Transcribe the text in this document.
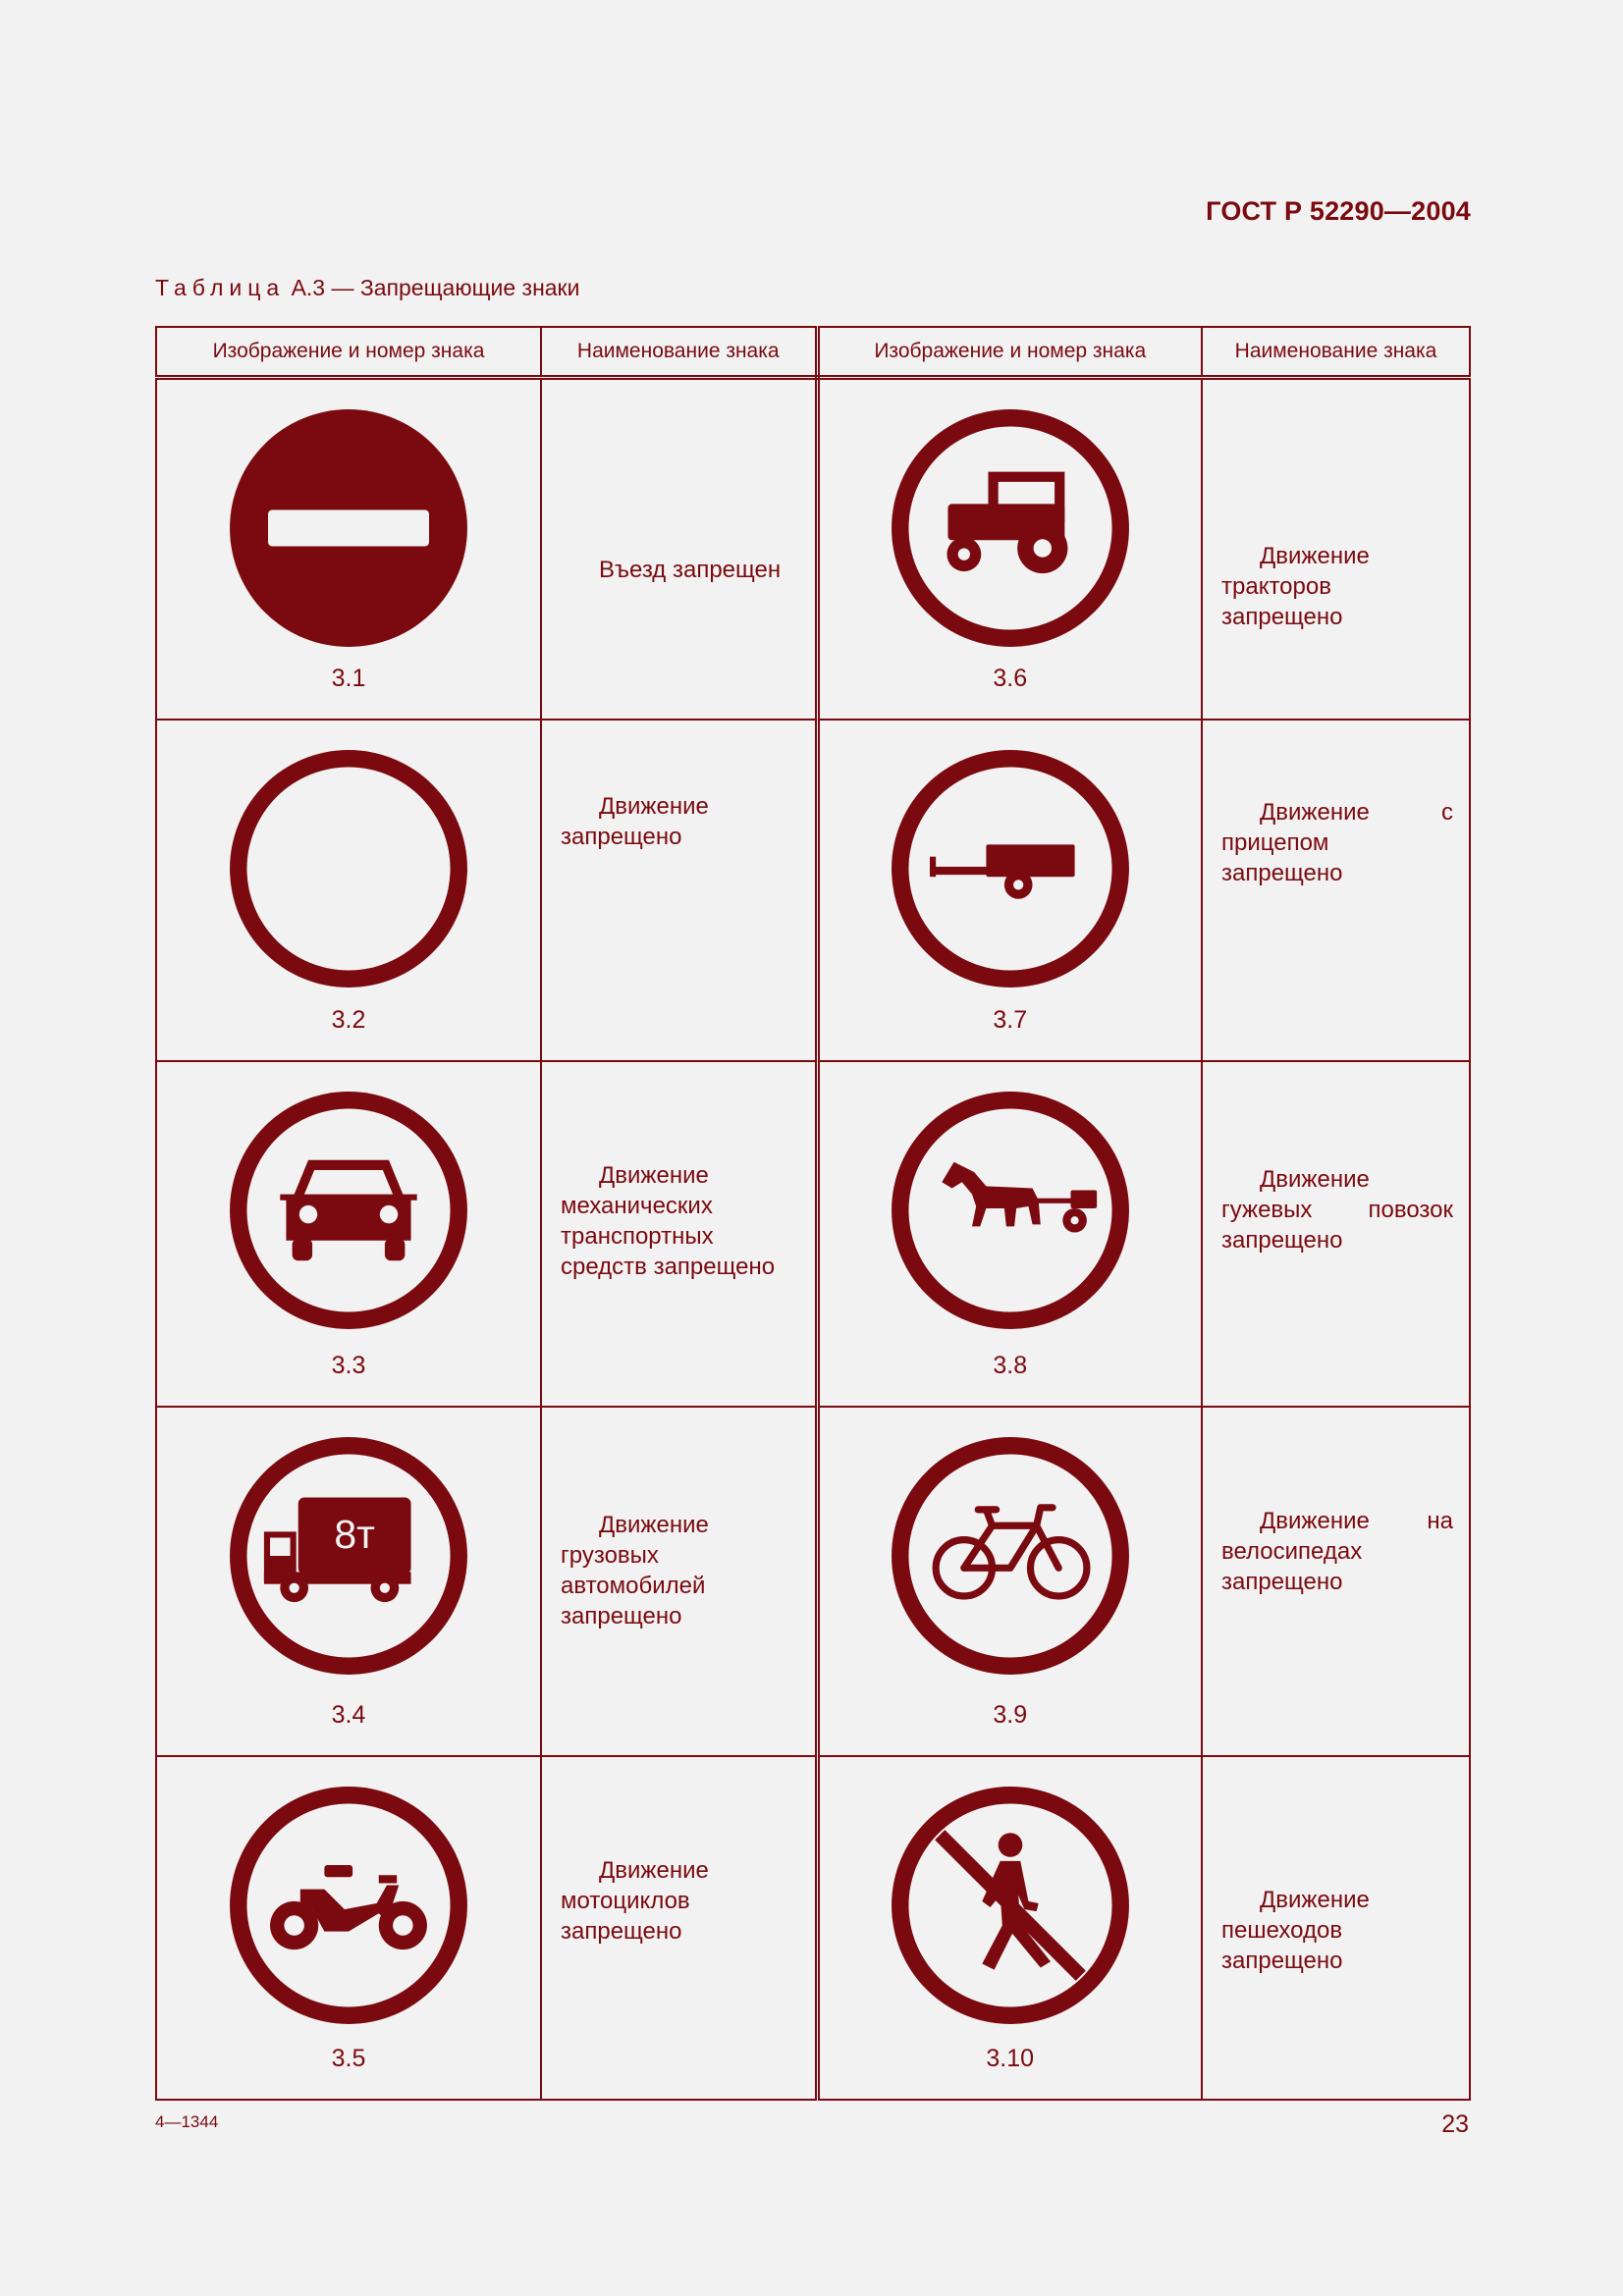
ГОСТ Р 52290—2004
Таблица А.3 — Запрещающие знаки
Изображение и номер знака	Наименование знака	Изображение и номер знака	Наименование знака

3.1	Въезд запрещен	3.6	Движение тракторов запрещено

3.2	Движение запрещено	3.7	Движение с прицепом запрещено

3.3	Движение механических транспортных средств запрещено	3.8	Движение гужевых повозок запрещено

8т
3.4	Движение грузовых автомобилей запрещено	3.9	Движение на велосипедах запрещено

3.5	Движение мотоциклов запрещено	3.10	Движение пешеходов запрещено
4—1344	23
